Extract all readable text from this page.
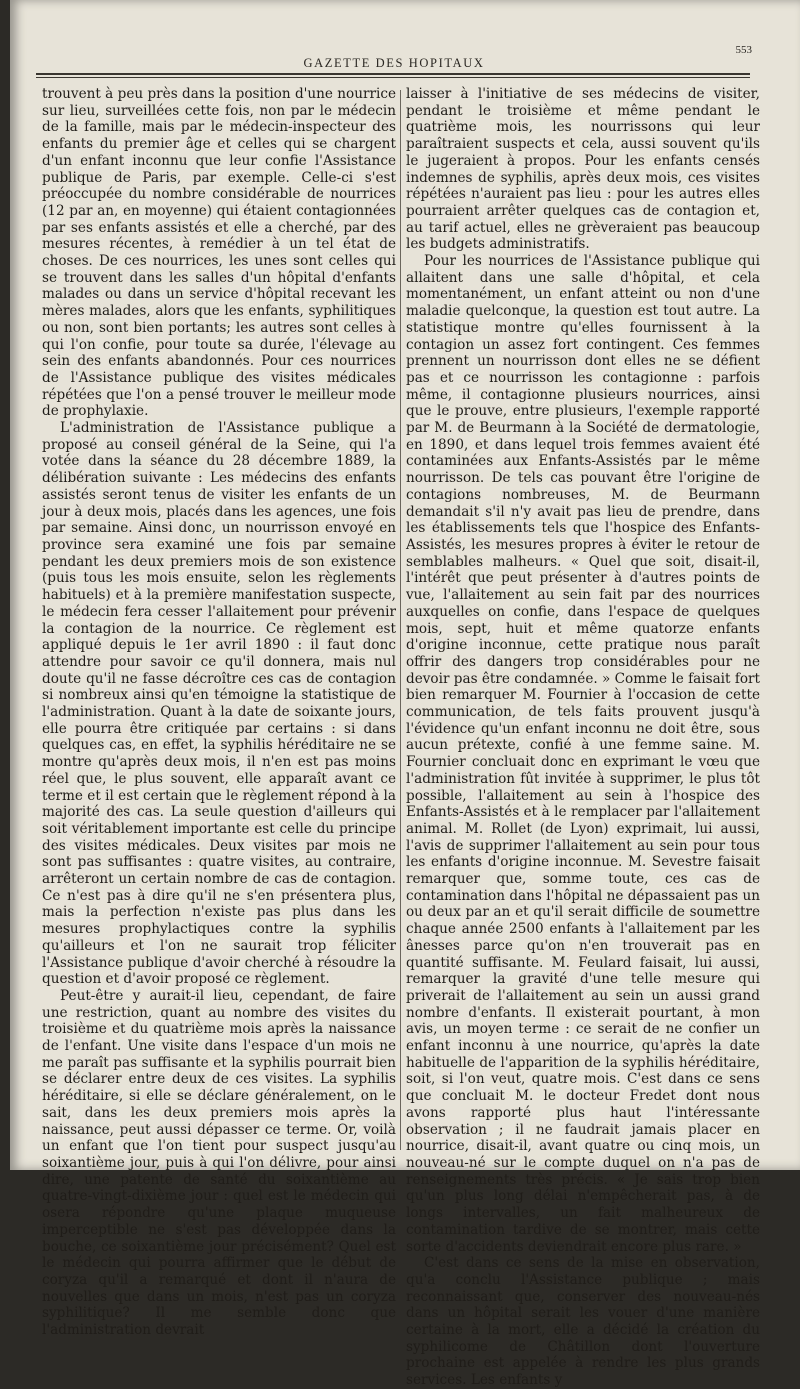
GAZETTE DES HOPITAUX
553

trouvent à peu près dans la position d'une nourrice sur lieu, surveillées cette fois, non par le médecin de la famille, mais par le médecin-inspecteur des enfants du premier âge et celles qui se chargent d'un enfant inconnu que leur confie l'Assistance publique de Paris, par exemple. Celle-ci s'est préoccupée du nombre considérable de nourrices (12 par an, en moyenne) qui étaient contagionnées par ses enfants assistés et elle a cherché, par des mesures récentes, à remédier à un tel état de choses. De ces nourrices, les unes sont celles qui se trouvent dans les salles d'un hôpital d'enfants malades ou dans un service d'hôpital recevant les mères malades, alors que les enfants, syphilitiques ou non, sont bien portants; les autres sont celles à qui l'on confie, pour toute sa durée, l'élevage au sein des enfants abandonnés. Pour ces nourrices de l'Assistance publique des visites médicales répétées que l'on a pensé trouver le meilleur mode de prophylaxie.

L'administration de l'Assistance publique a proposé au conseil général de la Seine, qui l'a votée dans la séance du 28 décembre 1889, la délibération suivante : Les médecins des enfants assistés seront tenus de visiter les enfants de un jour à deux mois, placés dans les agences, une fois par semaine. Ainsi donc, un nourrisson envoyé en province sera examiné une fois par semaine pendant les deux premiers mois de son existence (puis tous les mois ensuite, selon les règlements habituels) et à la première manifestation suspecte, le médecin fera cesser l'allaitement pour prévenir la contagion de la nourrice. Ce règlement est appliqué depuis le 1er avril 1890 : il faut donc attendre pour savoir ce qu'il donnera, mais nul doute qu'il ne fasse décroître ces cas de contagion si nombreux ainsi qu'en témoigne la statistique de l'administration. Quant à la date de soixante jours, elle pourra être critiquée par certains : si dans quelques cas, en effet, la syphilis héréditaire ne se montre qu'après deux mois, il n'en est pas moins réel que, le plus souvent, elle apparaît avant ce terme et il est certain que le règlement répond à la majorité des cas. La seule question d'ailleurs qui soit véritablement importante est celle du principe des visites médicales. Deux visites par mois ne sont pas suffisantes : quatre visites, au contraire, arrêteront un certain nombre de cas de contagion. Ce n'est pas à dire qu'il ne s'en présentera plus, mais la perfection n'existe pas plus dans les mesures prophylactiques contre la syphilis qu'ailleurs et l'on ne saurait trop féliciter l'Assistance publique d'avoir cherché à résoudre la question et d'avoir proposé ce règlement.

Peut-être y aurait-il lieu, cependant, de faire une restriction, quant au nombre des visites du troisième et du quatrième mois après la naissance de l'enfant. Une visite dans l'espace d'un mois ne me paraît pas suffisante et la syphilis pourrait bien se déclarer entre deux de ces visites. La syphilis héréditaire, si elle se déclare généralement, on le sait, dans les deux premiers mois après la naissance, peut aussi dépasser ce terme. Or, voilà un enfant que l'on tient pour suspect jusqu'au soixantième jour, puis à qui l'on délivre, pour ainsi dire, une patente de santé du soixantième au quatre-vingt-dixième jour : quel est le médecin qui osera répondre qu'une plaque muqueuse imperceptible ne s'est pas développée dans la bouche, ce soixantième jour précisément? Quel est le médecin qui pourra affirmer que le début de coryza qu'il a remarqué et dont il n'aura de nouvelles que dans un mois, n'est pas un coryza syphilitique? Il me semble donc que l'administration devrait

laisser à l'initiative de ses médecins de visiter, pendant le troisième et même pendant le quatrième mois, les nourrissons qui leur paraîtraient suspects et cela, aussi souvent qu'ils le jugeraient à propos. Pour les enfants censés indemnes de syphilis, après deux mois, ces visites répétées n'auraient pas lieu : pour les autres elles pourraient arrêter quelques cas de contagion et, au tarif actuel, elles ne grèveraient pas beaucoup les budgets administratifs.

Pour les nourrices de l'Assistance publique qui allaitent dans une salle d'hôpital, et cela momentanément, un enfant atteint ou non d'une maladie quelconque, la question est tout autre. La statistique montre qu'elles fournissent à la contagion un assez fort contingent. Ces femmes prennent un nourrisson dont elles ne se défient pas et ce nourrisson les contagionne : parfois même, il contagionne plusieurs nourrices, ainsi que le prouve, entre plusieurs, l'exemple rapporté par M. de Beurmann à la Société de dermatologie, en 1890, et dans lequel trois femmes avaient été contaminées aux Enfants-Assistés par le même nourrisson. De tels cas pouvant être l'origine de contagions nombreuses, M. de Beurmann demandait s'il n'y avait pas lieu de prendre, dans les établissements tels que l'hospice des Enfants-Assistés, les mesures propres à éviter le retour de semblables malheurs. « Quel que soit, disait-il, l'intérêt que peut présenter à d'autres points de vue, l'allaitement au sein fait par des nourrices auxquelles on confie, dans l'espace de quelques mois, sept, huit et même quatorze enfants d'origine inconnue, cette pratique nous paraît offrir des dangers trop considérables pour ne devoir pas être condamnée. » Comme le faisait fort bien remarquer M. Fournier à l'occasion de cette communication, de tels faits prouvent jusqu'à l'évidence qu'un enfant inconnu ne doit être, sous aucun prétexte, confié à une femme saine. M. Fournier concluait donc en exprimant le vœu que l'administration fût invitée à supprimer, le plus tôt possible, l'allaitement au sein à l'hospice des Enfants-Assistés et à le remplacer par l'allaitement animal. M. Rollet (de Lyon) exprimait, lui aussi, l'avis de supprimer l'allaitement au sein pour tous les enfants d'origine inconnue. M. Sevestre faisait remarquer que, somme toute, ces cas de contamination dans l'hôpital ne dépassaient pas un ou deux par an et qu'il serait difficile de soumettre chaque année 2500 enfants à l'allaitement par les ânesses parce qu'on n'en trouverait pas en quantité suffisante. M. Feulard faisait, lui aussi, remarquer la gravité d'une telle mesure qui priverait de l'allaitement au sein un aussi grand nombre d'enfants. Il existerait pourtant, à mon avis, un moyen terme : ce serait de ne confier un enfant inconnu à une nourrice, qu'après la date habituelle de l'apparition de la syphilis héréditaire, soit, si l'on veut, quatre mois. C'est dans ce sens que concluait M. le docteur Fredet dont nous avons rapporté plus haut l'intéressante observation ; il ne faudrait jamais placer en nourrice, disait-il, avant quatre ou cinq mois, un nouveau-né sur le compte duquel on n'a pas de renseignements très précis. « Je sais trop bien qu'un plus long délai n'empêcherait pas, à de longs intervalles, un fait malheureux de contamination tardive de se montrer, mais cette sorte d'accidents deviendrait encore plus rare. »

C'est dans ce sens de la mise en observation, qu'a conclu l'Assistance publique ; mais reconnaissant que, conserver des nouveau-nés dans un hôpital serait les vouer d'une manière certaine à la mort, elle a décidé la création du syphilicome de Châtillon dont l'ouverture prochaine est appelée à rendre les plus grands services. Les enfants y
